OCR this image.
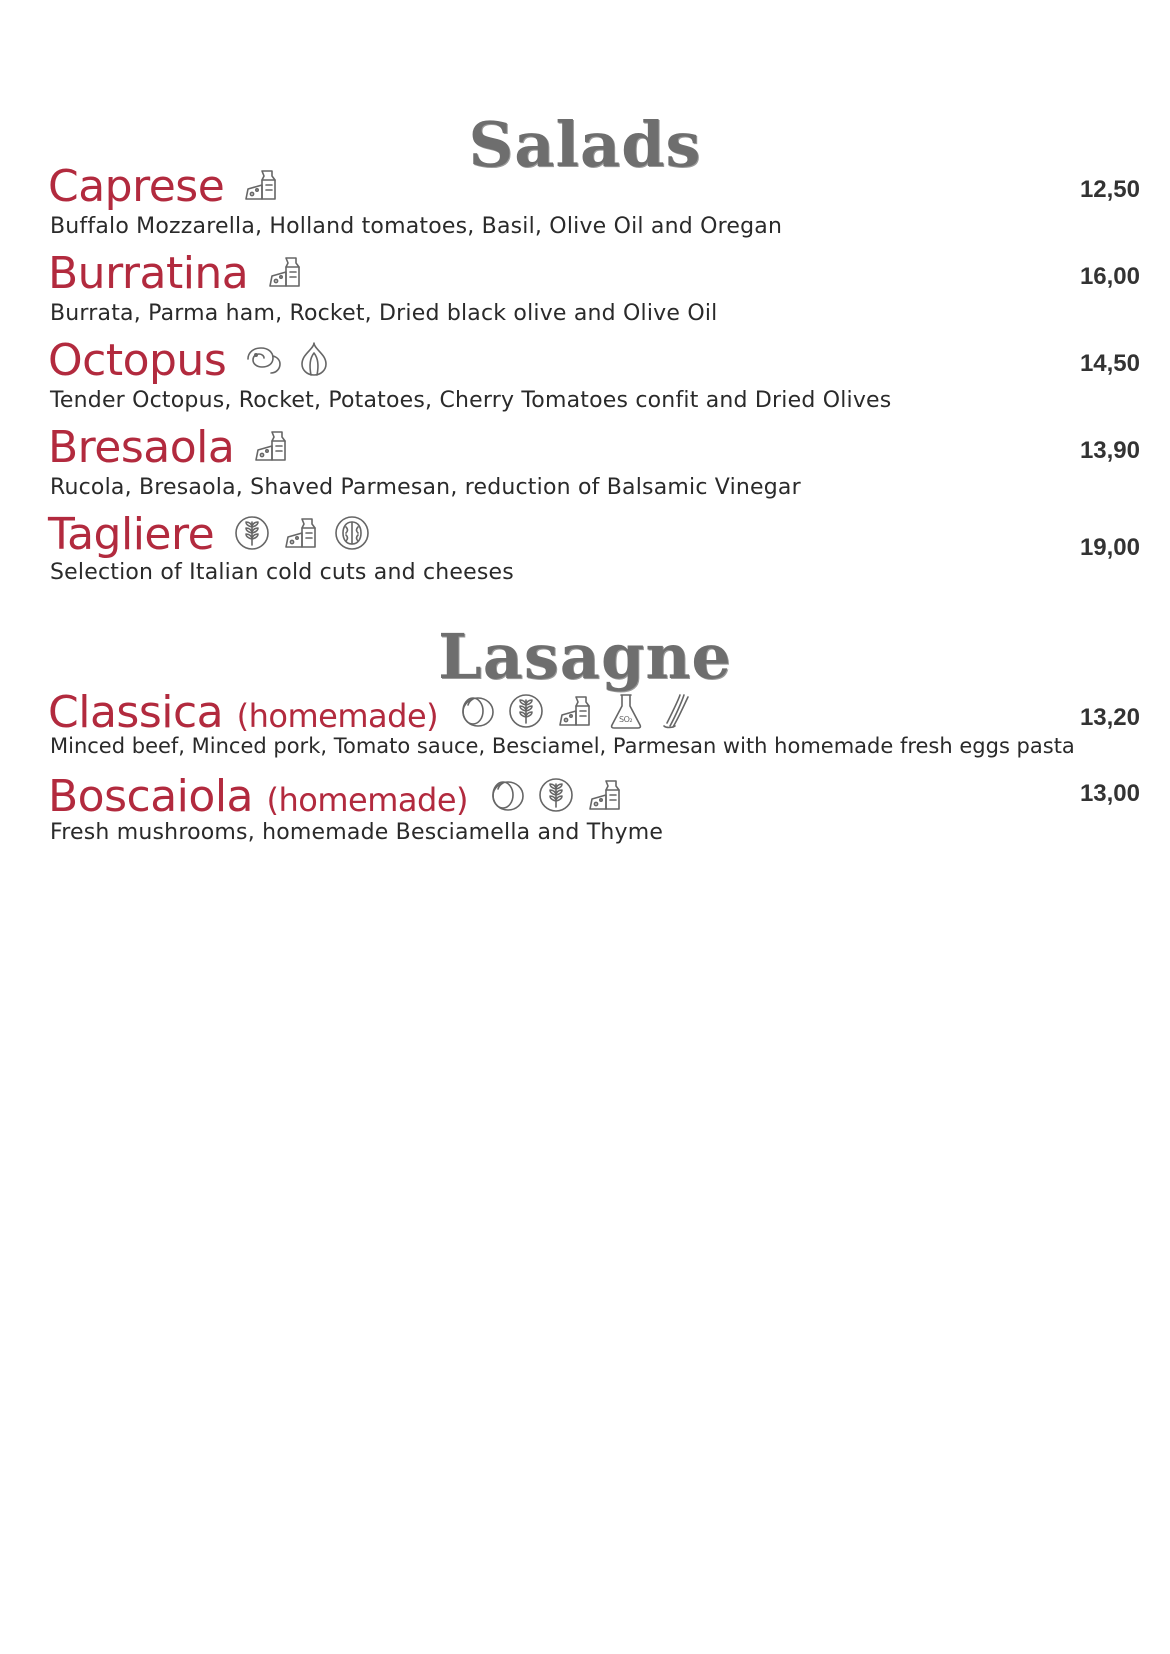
Salads
Caprese	12,50
Buffalo Mozzarella, Holland tomatoes, Basil, Olive Oil and Oregan
Burratina	16,00
Burrata, Parma ham, Rocket, Dried black olive and Olive Oil
Octopus	14,50
Tender Octopus, Rocket, Potatoes, Cherry Tomatoes confit and Dried Olives
Bresaola	13,90
Rucola, Bresaola, Shaved Parmesan, reduction of Balsamic Vinegar
Tagliere	19,00
Selection of Italian cold cuts and cheeses
Lasagne
Classica (homemade)	SO₂	13,20
Minced beef, Minced pork, Tomato sauce, Besciamel, Parmesan with homemade fresh eggs pasta
Boscaiola (homemade)	13,00
Fresh mushrooms, homemade Besciamella and Thyme
